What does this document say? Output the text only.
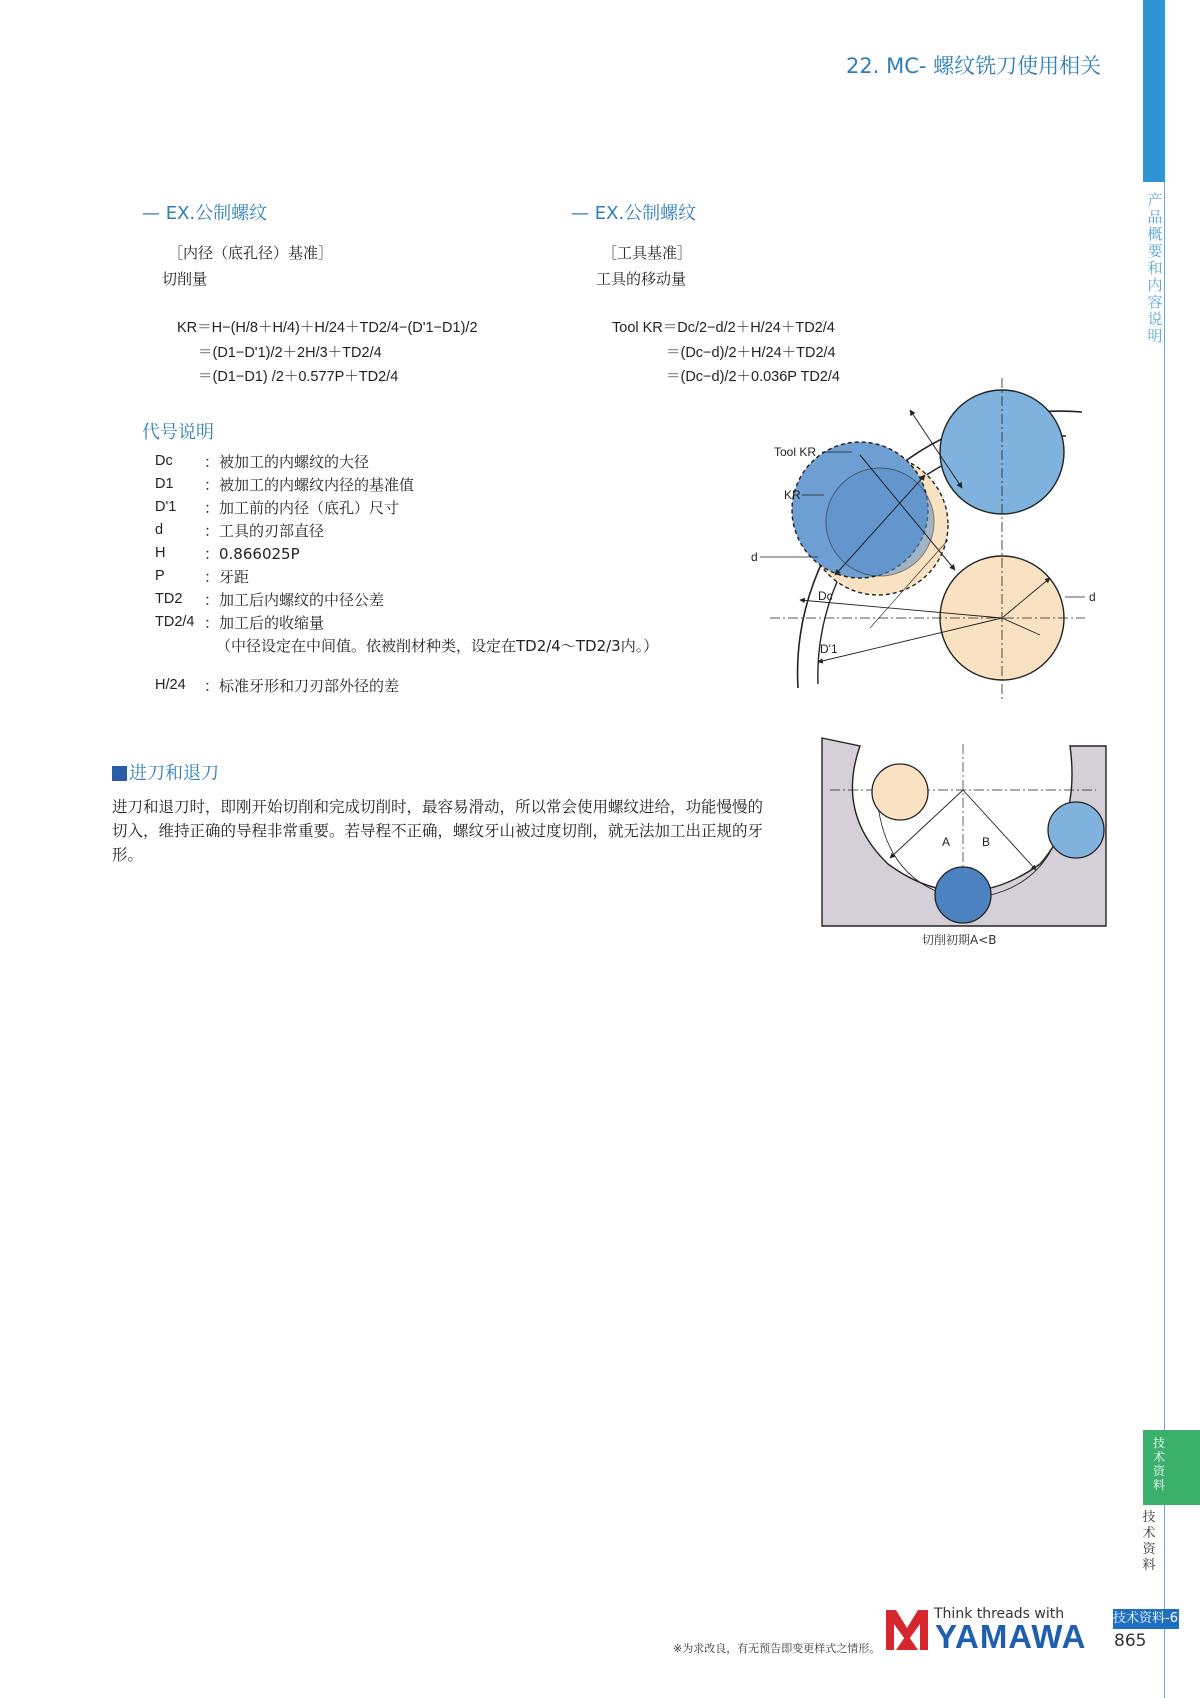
22. MC- 螺纹铣刀使用相关
产品概要和内容说明
技术资料
技术资料
— EX.公制螺纹
［内径（底孔径）基准］
切削量
KR＝H−(H/8＋H/4)＋H/24＋TD2/4−(D'1−D1)/2
＝(D1−D'1)/2＋2H/3＋TD2/4
＝(D1−D1) /2＋0.577P＋TD2/4
— EX.公制螺纹
［工具基准］
工具的移动量
Tool KR＝Dc/2−d/2＋H/24＋TD2/4
＝(Dc−d)/2＋H/24＋TD2/4
＝(Dc−d)/2＋0.036P TD2/4
代号说明
Dc ：被加工的内螺纹的大径
D1 ：被加工的内螺纹内径的基准值
D'1 ：加工前的内径（底孔）尺寸
d	：工具的刃部直径
H	：0.866025P
P	：牙距
TD2 ：加工后内螺纹的中径公差
TD2/4 ：加工后的收缩量
（中径设定在中间值。依被削材种类，设定在TD2/4～TD2/3内。）
H/24 ：标准牙形和刀刃部外径的差
Tool KR
KR
d
d
Dc
D'1
进刀和退刀
进刀和退刀时，即刚开始切削和完成切削时，最容易滑动，所以常会使用螺纹进给，功能慢慢的切入，维持正确的导程非常重要。若导程不正确，螺纹牙山被过度切削，就无法加工出正规的牙形。
A	B
切削初期A<B
※为求改良，有无预告即变更样式之情形。
Think threads with
YAMAWA 技术资料-68
865
